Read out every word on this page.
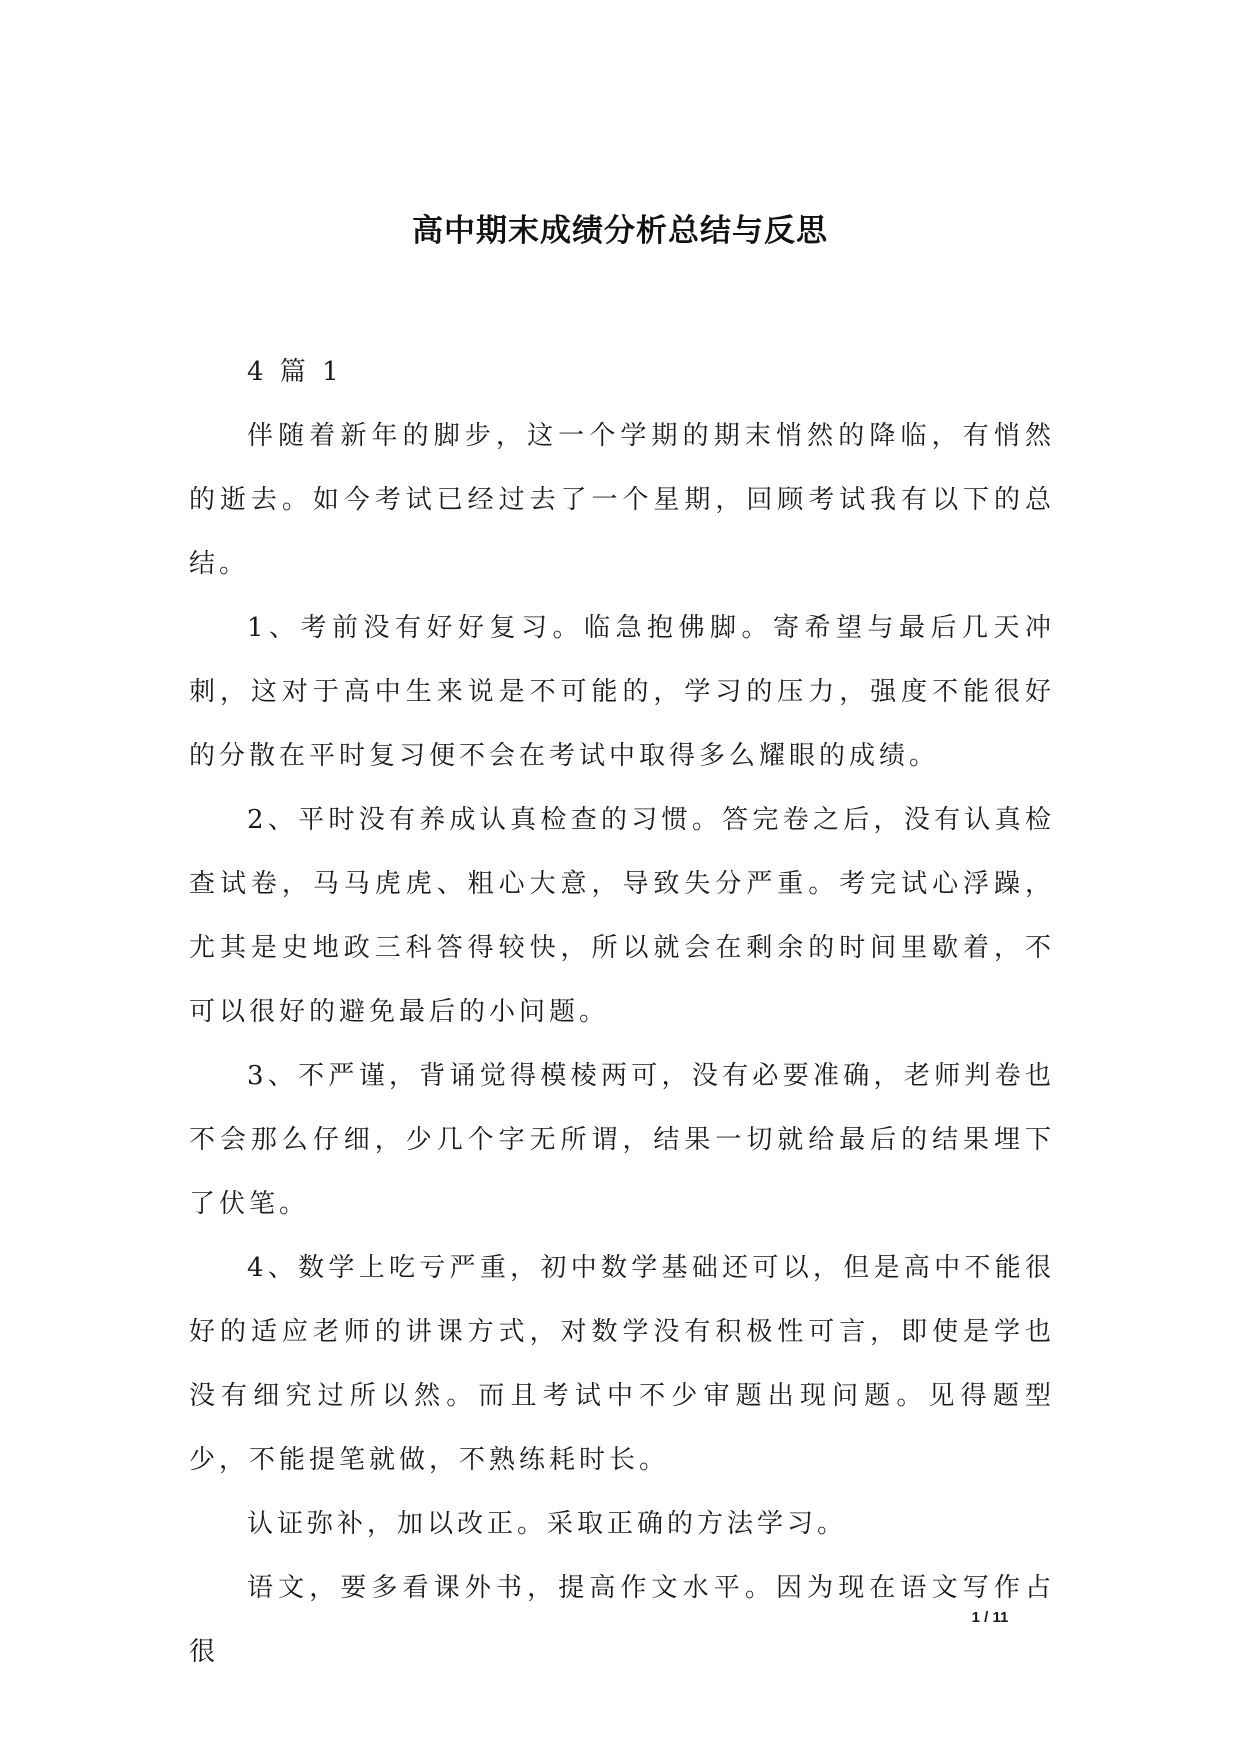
高中期末成绩分析总结与反思

4 篇 1

伴随着新年的脚步，这一个学期的期末悄然的降临，有悄然的逝去。如今考试已经过去了一个星期，回顾考试我有以下的总结。

1、考前没有好好复习。临急抱佛脚。寄希望与最后几天冲刺，这对于高中生来说是不可能的，学习的压力，强度不能很好的分散在平时复习便不会在考试中取得多么耀眼的成绩。

2、平时没有养成认真检查的习惯。答完卷之后，没有认真检查试卷，马马虎虎、粗心大意，导致失分严重。考完试心浮躁，尤其是史地政三科答得较快，所以就会在剩余的时间里歇着，不可以很好的避免最后的小问题。

3、不严谨，背诵觉得模棱两可，没有必要准确，老师判卷也不会那么仔细，少几个字无所谓，结果一切就给最后的结果埋下了伏笔。

4、数学上吃亏严重，初中数学基础还可以，但是高中不能很好的适应老师的讲课方式，对数学没有积极性可言，即使是学也没有细究过所以然。而且考试中不少审题出现问题。见得题型少，不能提笔就做，不熟练耗时长。

认证弥补，加以改正。采取正确的方法学习。

语文，要多看课外书，提高作文水平。因为现在语文写作占很

1 / 11
